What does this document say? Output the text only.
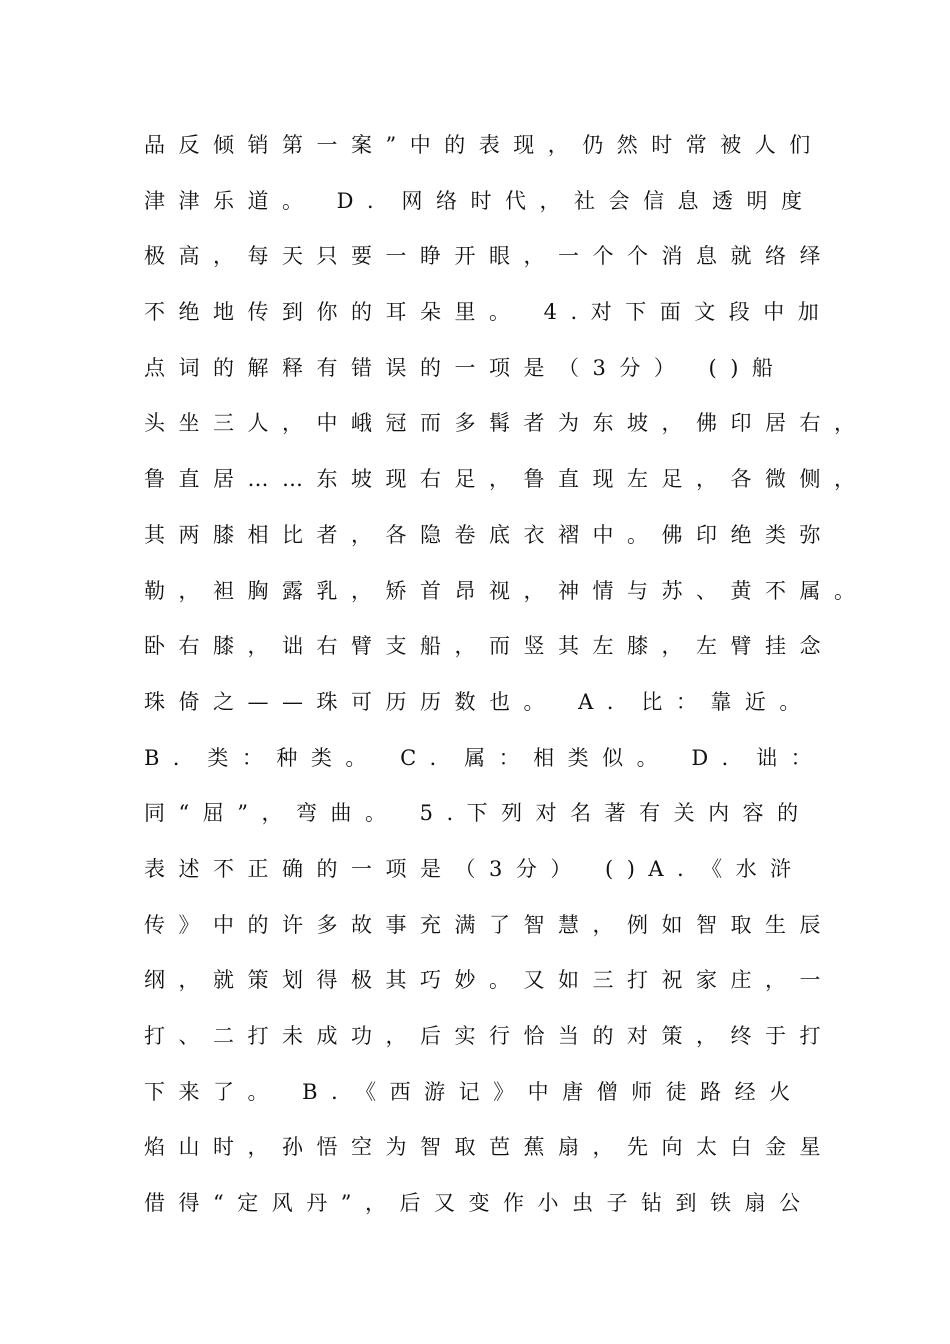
品反倾销第一案”中的表现，仍然时常被人们
津津乐道。 D．网络时代，社会信息透明度
极高，每天只要一睁开眼，一个个消息就络绎
不绝地传到你的耳朵里。 4.对下面文段中加
点词的解释有错误的一项是（3分） ()船
头坐三人，中峨冠而多髯者为东坡，佛印居右，
鲁直居……东坡现右足，鲁直现左足，各微侧，
其两膝相比者，各隐卷底衣褶中。佛印绝类弥
勒，袒胸露乳，矫首昂视，神情与苏、黄不属。
卧右膝，诎右臂支船，而竖其左膝，左臂挂念
珠倚之——珠可历历数也。 A．比：靠近。
B．类：种类。 C．属：相类似。 D．诎：
同“屈”，弯曲。 5.下列对名著有关内容的
表述不正确的一项是（3分） ()A．《水浒
传》中的许多故事充满了智慧，例如智取生辰
纲，就策划得极其巧妙。又如三打祝家庄，一
打、二打未成功，后实行恰当的对策，终于打
下来了。 B．《西游记》中唐僧师徒路经火
焰山时，孙悟空为智取芭蕉扇，先向太白金星
借得“定风丹”，后又变作小虫子钻到铁扇公
